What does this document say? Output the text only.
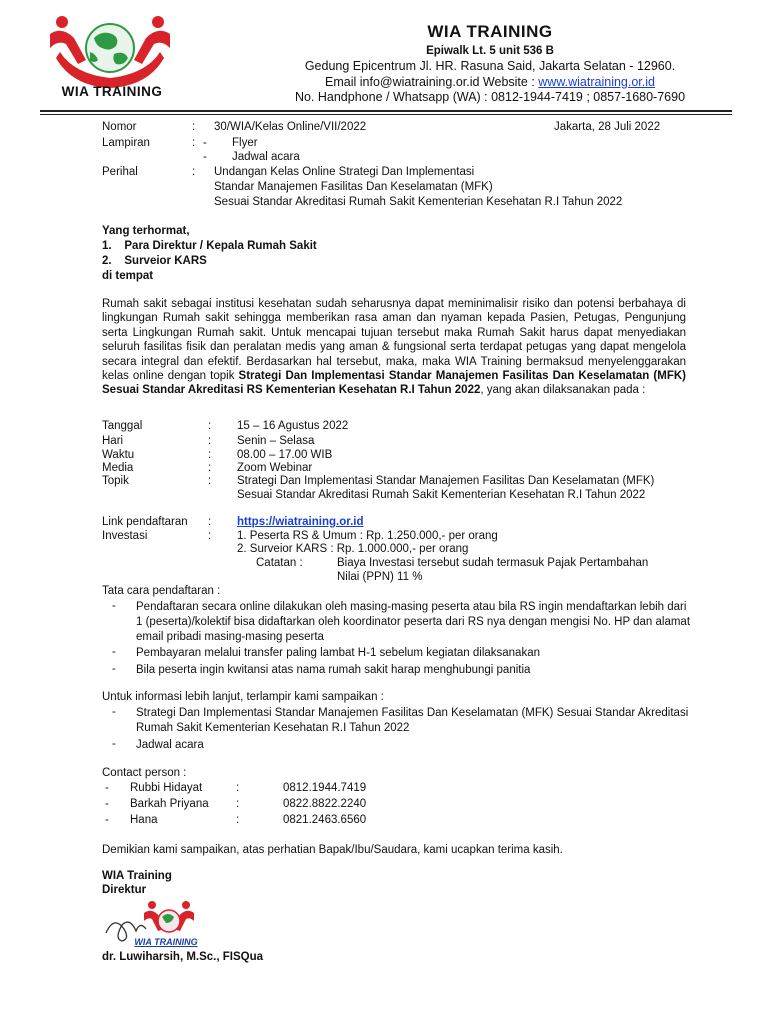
WIA TRAINING
WIA TRAINING
Epiwalk Lt. 5 unit 536 B
Gedung Epicentrum Jl. HR. Rasuna Said, Jakarta Selatan - 12960.
Email info@wiatraining.or.id Website : www.wiatraining.or.id
No. Handphone / Whatsapp (WA) : 0812-1944-7419 ; 0857-1680-7690
Nomor	: 30/WIA/Kelas Online/VII/2022	Jakarta, 28 Juli 2022
Lampiran	: - Flyer
- Jadwal acara
Perihal	: Undangan Kelas Online Strategi Dan Implementasi
Standar Manajemen Fasilitas Dan Keselamatan (MFK)
Sesuai Standar Akreditasi Rumah Sakit Kementerian Kesehatan R.I Tahun 2022
Yang terhormat,
1.    Para Direktur / Kepala Rumah Sakit
2.    Surveior KARS
di tempat

Rumah sakit sebagai institusi kesehatan sudah seharusnya dapat meminimalisir risiko dan potensi berbahaya di lingkungan Rumah sakit sehingga memberikan rasa aman dan nyaman kepada Pasien, Petugas, Pengunjung serta Lingkungan Rumah sakit. Untuk mencapai tujuan tersebut maka Rumah Sakit harus dapat menyediakan seluruh fasilitas fisik dan peralatan medis yang aman & fungsional serta terdapat petugas yang dapat mengelola secara integral dan efektif. Berdasarkan hal tersebut, maka, maka WIA Training bermaksud menyelenggarakan kelas online dengan topik Strategi Dan Implementasi Standar Manajemen Fasilitas Dan Keselamatan (MFK) Sesuai Standar Akreditasi RS Kementerian Kesehatan R.I Tahun 2022, yang akan dilaksanakan pada :

Tanggal	: 15 – 16 Agustus 2022
Hari	: Senin – Selasa
Waktu	: 08.00 – 17.00 WIB
Media	: Zoom Webinar
Topik	: Strategi Dan Implementasi Standar Manajemen Fasilitas Dan Keselamatan (MFK)
Sesuai Standar Akreditasi Rumah Sakit Kementerian Kesehatan R.I Tahun 2022
Link pendaftaran : https://wiatraining.or.id
Investasi	: 1. Peserta RS & Umum : Rp. 1.250.000,- per orang
2. Surveior KARS : Rp. 1.000.000,- per orang
Catatan :	Biaya Investasi tersebut sudah termasuk Pajak Pertambahan
Nilai (PPN) 11 %
Tata cara pendaftaran :
- Pendaftaran secara online dilakukan oleh masing-masing peserta atau bila RS ingin mendaftarkan lebih dari 1 (peserta)/kolektif bisa didaftarkan oleh koordinator peserta dari RS nya dengan mengisi No. HP dan alamat email pribadi masing-masing peserta
- Pembayaran melalui transfer paling lambat H-1 sebelum kegiatan dilaksanakan
- Bila peserta ingin kwitansi atas nama rumah sakit harap menghubungi panitia
Untuk informasi lebih lanjut, terlampir kami sampaikan :
- Strategi Dan Implementasi Standar Manajemen Fasilitas Dan Keselamatan (MFK) Sesuai Standar Akreditasi Rumah Sakit Kementerian Kesehatan R.I Tahun 2022
- Jadwal acara
Contact person :
- Rubbi Hidayat	:	0812.1944.7419
- Barkah Priyana :	0822.8822.2240
- Hana	:	0821.2463.6560
Demikian kami sampaikan, atas perhatian Bapak/Ibu/Saudara, kami ucapkan terima kasih.
WIA Training
Direktur
WIA TRAINING
dr. Luwiharsih, M.Sc., FISQua
